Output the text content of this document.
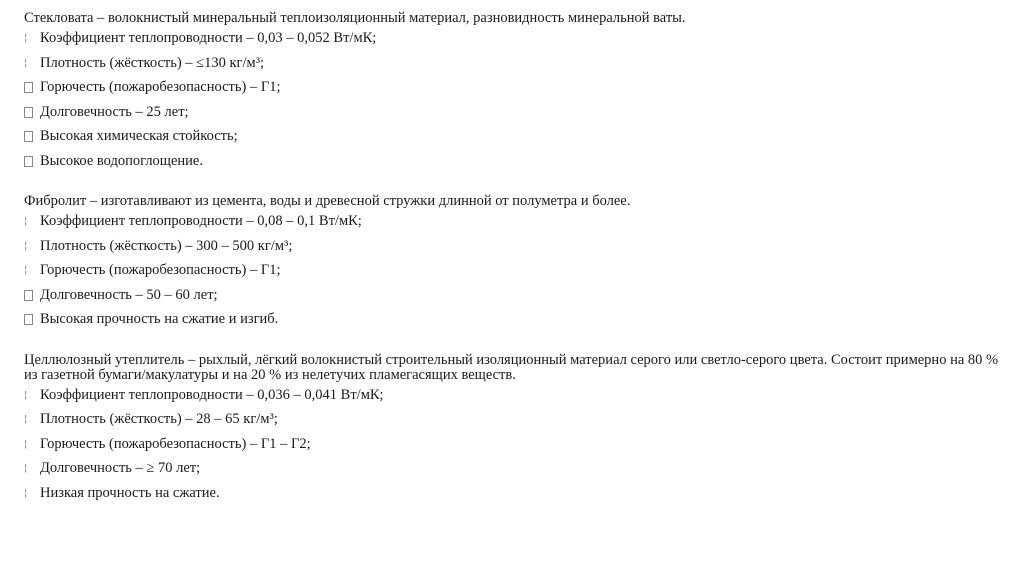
Стекловата – волокнистый минеральный теплоизоляционный материал, разновидность минеральной ваты.

¦ Коэффициент теплопроводности – 0,03 – 0,052 Вт/мК;
¦ Плотность (жёсткость) – ≤130 кг/м³;
Горючесть (пожаробезопасность) – Г1;
Долговечность – 25 лет;
Высокая химическая стойкость;
Высокое водопоглощение.

Фибролит – изготавливают из цемента, воды и древесной стружки длинной от полуметра и более.

¦ Коэффициент теплопроводности – 0,08 – 0,1 Вт/мК;
¦ Плотность (жёсткость) – 300 – 500 кг/м³;
¦ Горючесть (пожаробезопасность) – Г1;
Долговечность – 50 – 60 лет;
Высокая прочность на сжатие и изгиб.

Целлюлозный утеплитель – рыхлый, лёгкий волокнистый строительный изоляционный материал серого или светло-серого цвета. Состоит примерно на 80 % из газетной бумаги/макулатуры и на 20 % из нелетучих пламегасящих веществ.

¦ Коэффициент теплопроводности – 0,036 – 0,041 Вт/мК;
¦ Плотность (жёсткость) – 28 – 65 кг/м³;
¦ Горючесть (пожаробезопасность) – Г1 – Г2;
¦ Долговечность – ≥ 70 лет;
¦ Низкая прочность на сжатие.
